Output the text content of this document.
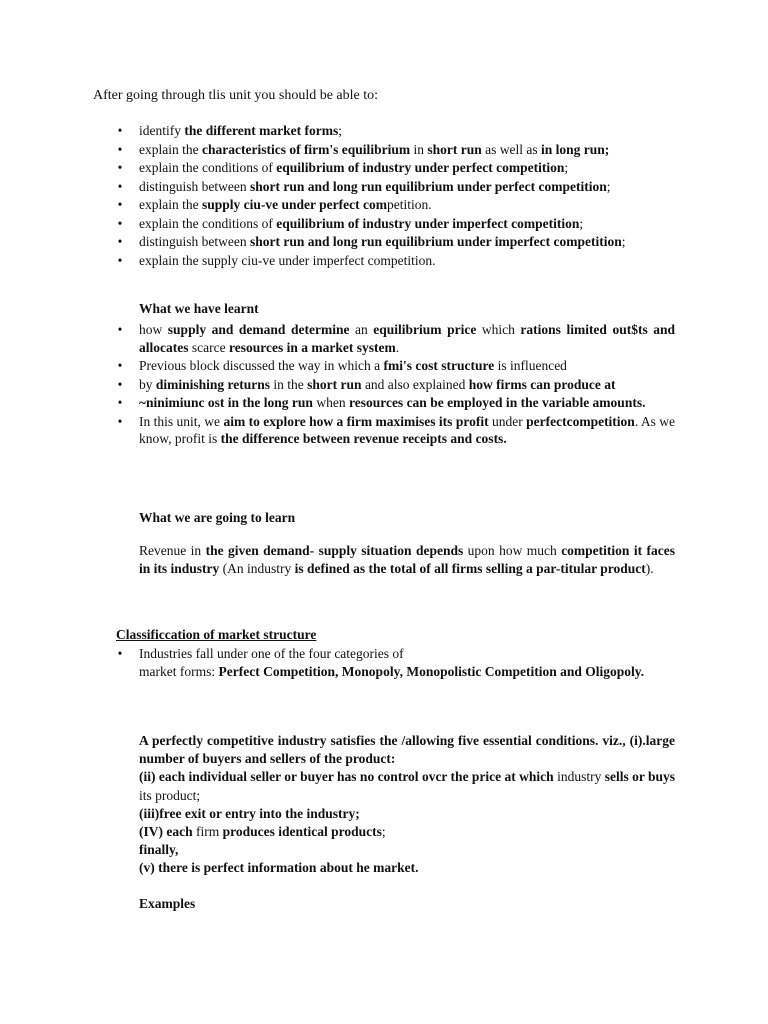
After going through tlis unit you should be able to:
• identify the different market forms;
• explain the characteristics of firm's equilibrium in short run as well as in long run;
• explain the conditions of equilibrium of industry under perfect competition;
• distinguish between short run and long run equilibrium under perfect competition;
• explain the supply ciu-ve under perfect competition.
• explain the conditions of equilibrium of industry under imperfect competition;
• distinguish between short run and long run equilibrium under imperfect competition;
• explain the supply ciu-ve under imperfect competition.
What we have learnt
• how supply and demand determine an equilibrium price which rations limited out$ts and allocates scarce resources in a market system.
• Previous block discussed the way in which a fmi's cost structure is influenced
• by diminishing returns in the short run and also explained how firms can produce at
• ~ninimiunc ost in the long run when resources can be employed in the variable amounts.
• In this unit, we aim to explore how a firm maximises its profit under perfectcompetition. As we know, profit is the difference between revenue receipts and costs.
What we are going to learn
Revenue in the given demand- supply situation depends upon how much competition it faces in its industry (An industry is defined as the total of all firms selling a par-titular product).
Classificcation of market structure
• Industries fall under one of the four categories of
market forms: Perfect Competition, Monopoly, Monopolistic Competition and Oligopoly.
A perfectly competitive industry satisfies the /allowing five essential conditions. viz., (i).large number of buyers and sellers of the product:
(ii) each individual seller or buyer has no control ovcr the price at which industry sells or buys its product;
(iii)free exit or entry into the industry;
(IV) each firm produces identical products;
finally,
(v) there is perfect information about he market.
Examples
